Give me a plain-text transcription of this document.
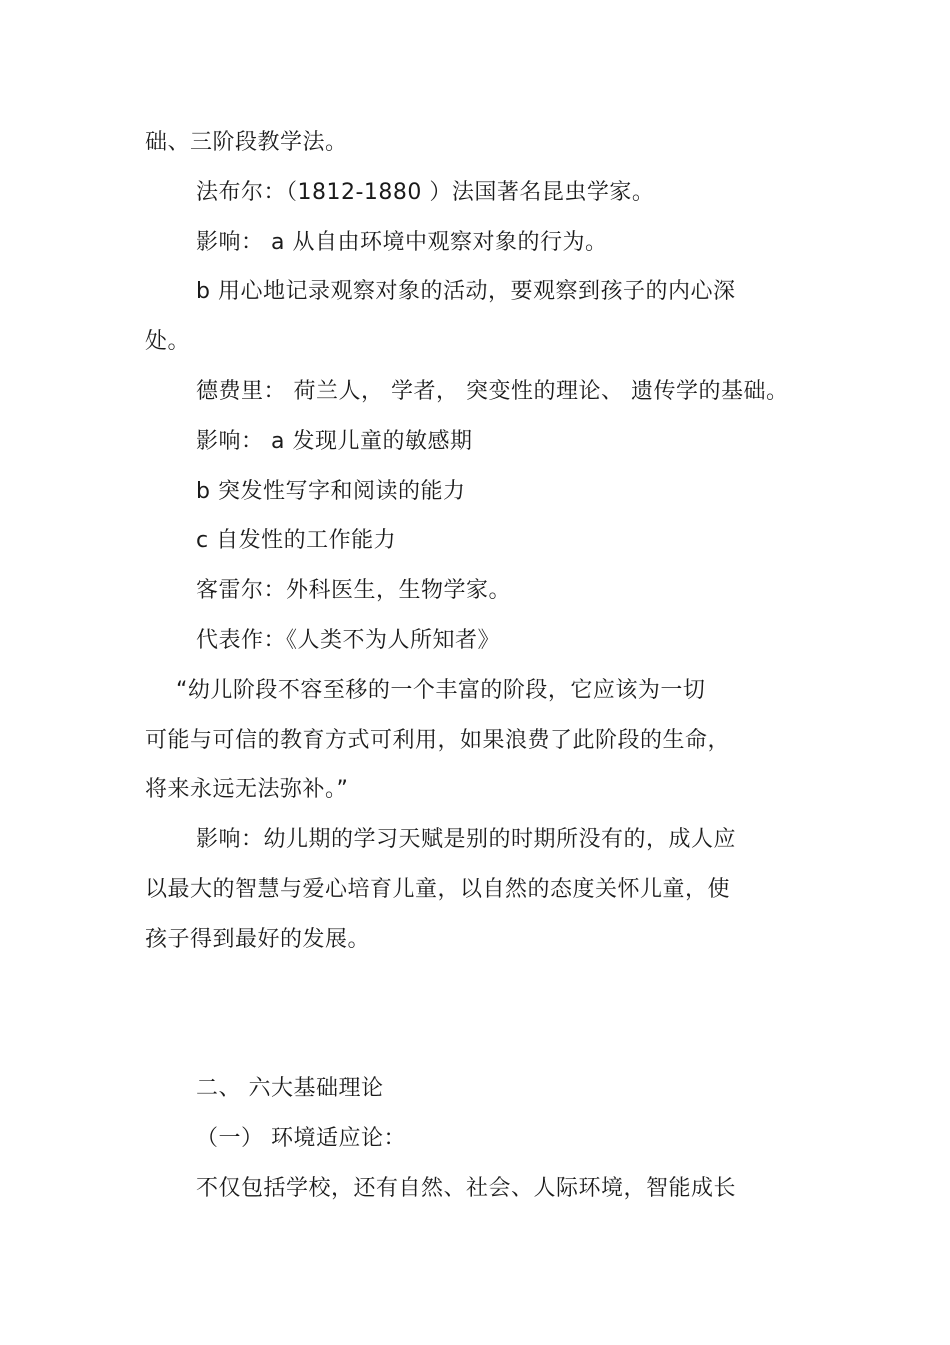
础、三阶段教学法。
法布尔：（1812-1880 ）法国著名昆虫学家。
影响： a 从自由环境中观察对象的行为。
b 用心地记录观察对象的活动，要观察到孩子的内心深
处。
德费里： 荷兰人， 学者， 突变性的理论、 遗传学的基础。
影响： a 发现儿童的敏感期
b 突发性写字和阅读的能力
c 自发性的工作能力
客雷尔：外科医生，生物学家。
代表作：《人类不为人所知者》
“幼儿阶段不容至移的一个丰富的阶段，它应该为一切
可能与可信的教育方式可利用，如果浪费了此阶段的生命，
将来永远无法弥补。”
影响：幼儿期的学习天赋是别的时期所没有的，成人应
以最大的智慧与爱心培育儿童，以自然的态度关怀儿童，使
孩子得到最好的发展。
二、 六大基础理论
（一） 环境适应论：
不仅包括学校，还有自然、社会、人际环境，智能成长
